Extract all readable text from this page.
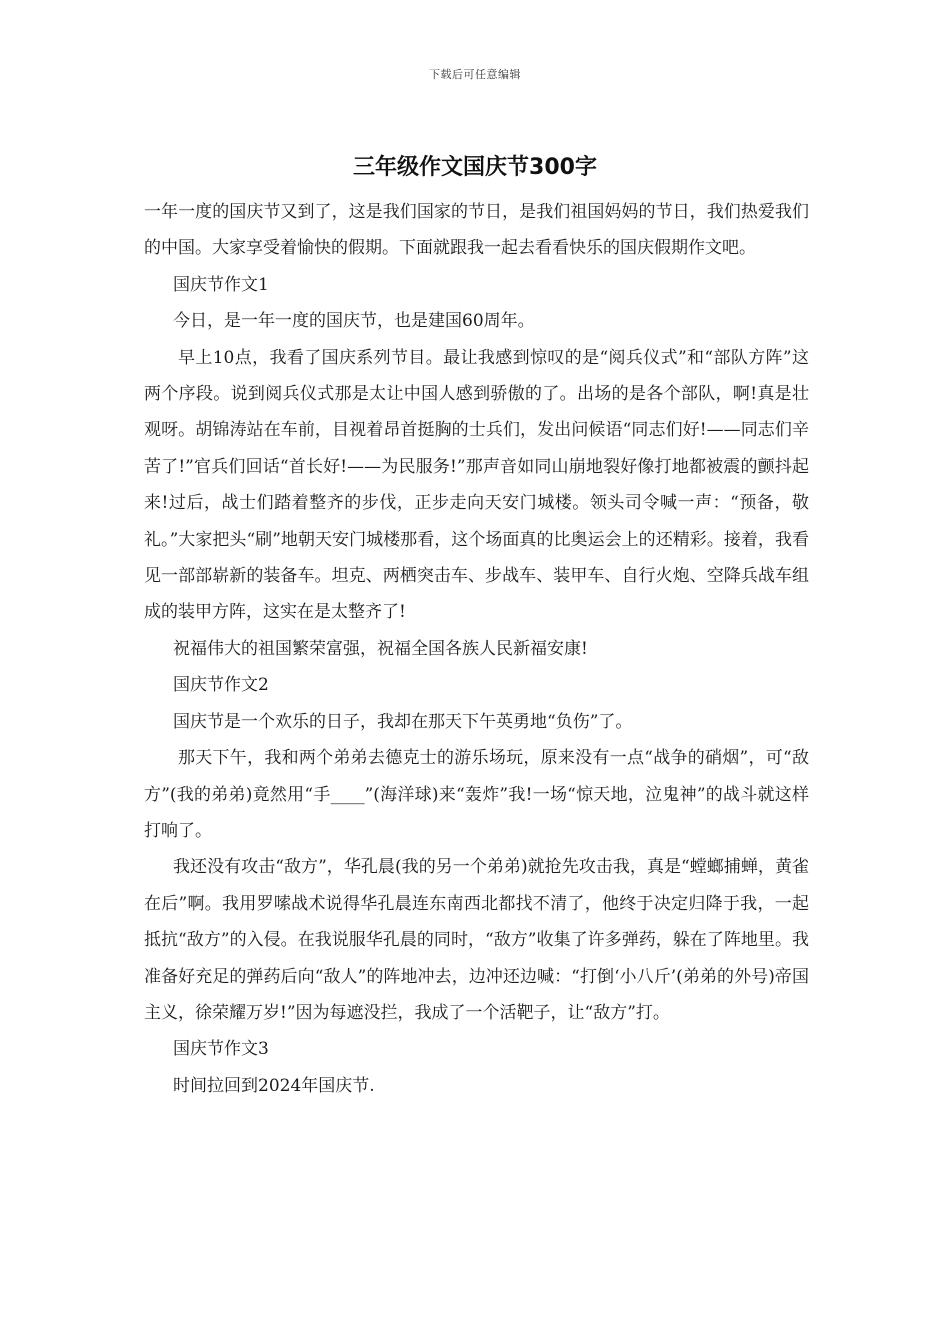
下载后可任意编辑
三年级作文国庆节300字

一年一度的国庆节又到了，这是我们国家的节日，是我们祖国妈妈的节日，我们热爱我们的中国。大家享受着愉快的假期。下面就跟我一起去看看快乐的国庆假期作文吧。

国庆节作文1

今日，是一年一度的国庆节，也是建国60周年。

早上10点，我看了国庆系列节目。最让我感到惊叹的是“阅兵仪式”和“部队方阵”这两个序段。说到阅兵仪式那是太让中国人感到骄傲的了。出场的是各个部队，啊!真是壮观呀。胡锦涛站在车前，目视着昂首挺胸的士兵们，发出问候语“同志们好!——同志们辛苦了!”官兵们回话“首长好!——为民服务!”那声音如同山崩地裂好像打地都被震的颤抖起来!过后，战士们踏着整齐的步伐，正步走向天安门城楼。领头司令喊一声：“预备，敬礼。”大家把头“刷”地朝天安门城楼那看，这个场面真的比奥运会上的还精彩。接着，我看见一部部崭新的装备车。坦克、两栖突击车、步战车、装甲车、自行火炮、空降兵战车组成的装甲方阵，这实在是太整齐了!

祝福伟大的祖国繁荣富强，祝福全国各族人民新福安康!

国庆节作文2

国庆节是一个欢乐的日子，我却在那天下午英勇地“负伤”了。

那天下午，我和两个弟弟去德克士的游乐场玩，原来没有一点“战争的硝烟”，可“敌方”(我的弟弟)竟然用“手____”(海洋球)来“轰炸”我!一场“惊天地，泣鬼神”的战斗就这样打响了。

我还没有攻击“敌方”，华孔晨(我的另一个弟弟)就抢先攻击我，真是“螳螂捕蝉，黄雀在后”啊。我用罗嗦战术说得华孔晨连东南西北都找不清了，他终于决定归降于我，一起抵抗“敌方”的入侵。在我说服华孔晨的同时，“敌方”收集了许多弹药，躲在了阵地里。我准备好充足的弹药后向“敌人”的阵地冲去，边冲还边喊：“打倒‘小八斤’(弟弟的外号)帝国主义，徐荣耀万岁!”因为每遮没拦，我成了一个活靶子，让“敌方”打。

国庆节作文3

时间拉回到2024年国庆节.
